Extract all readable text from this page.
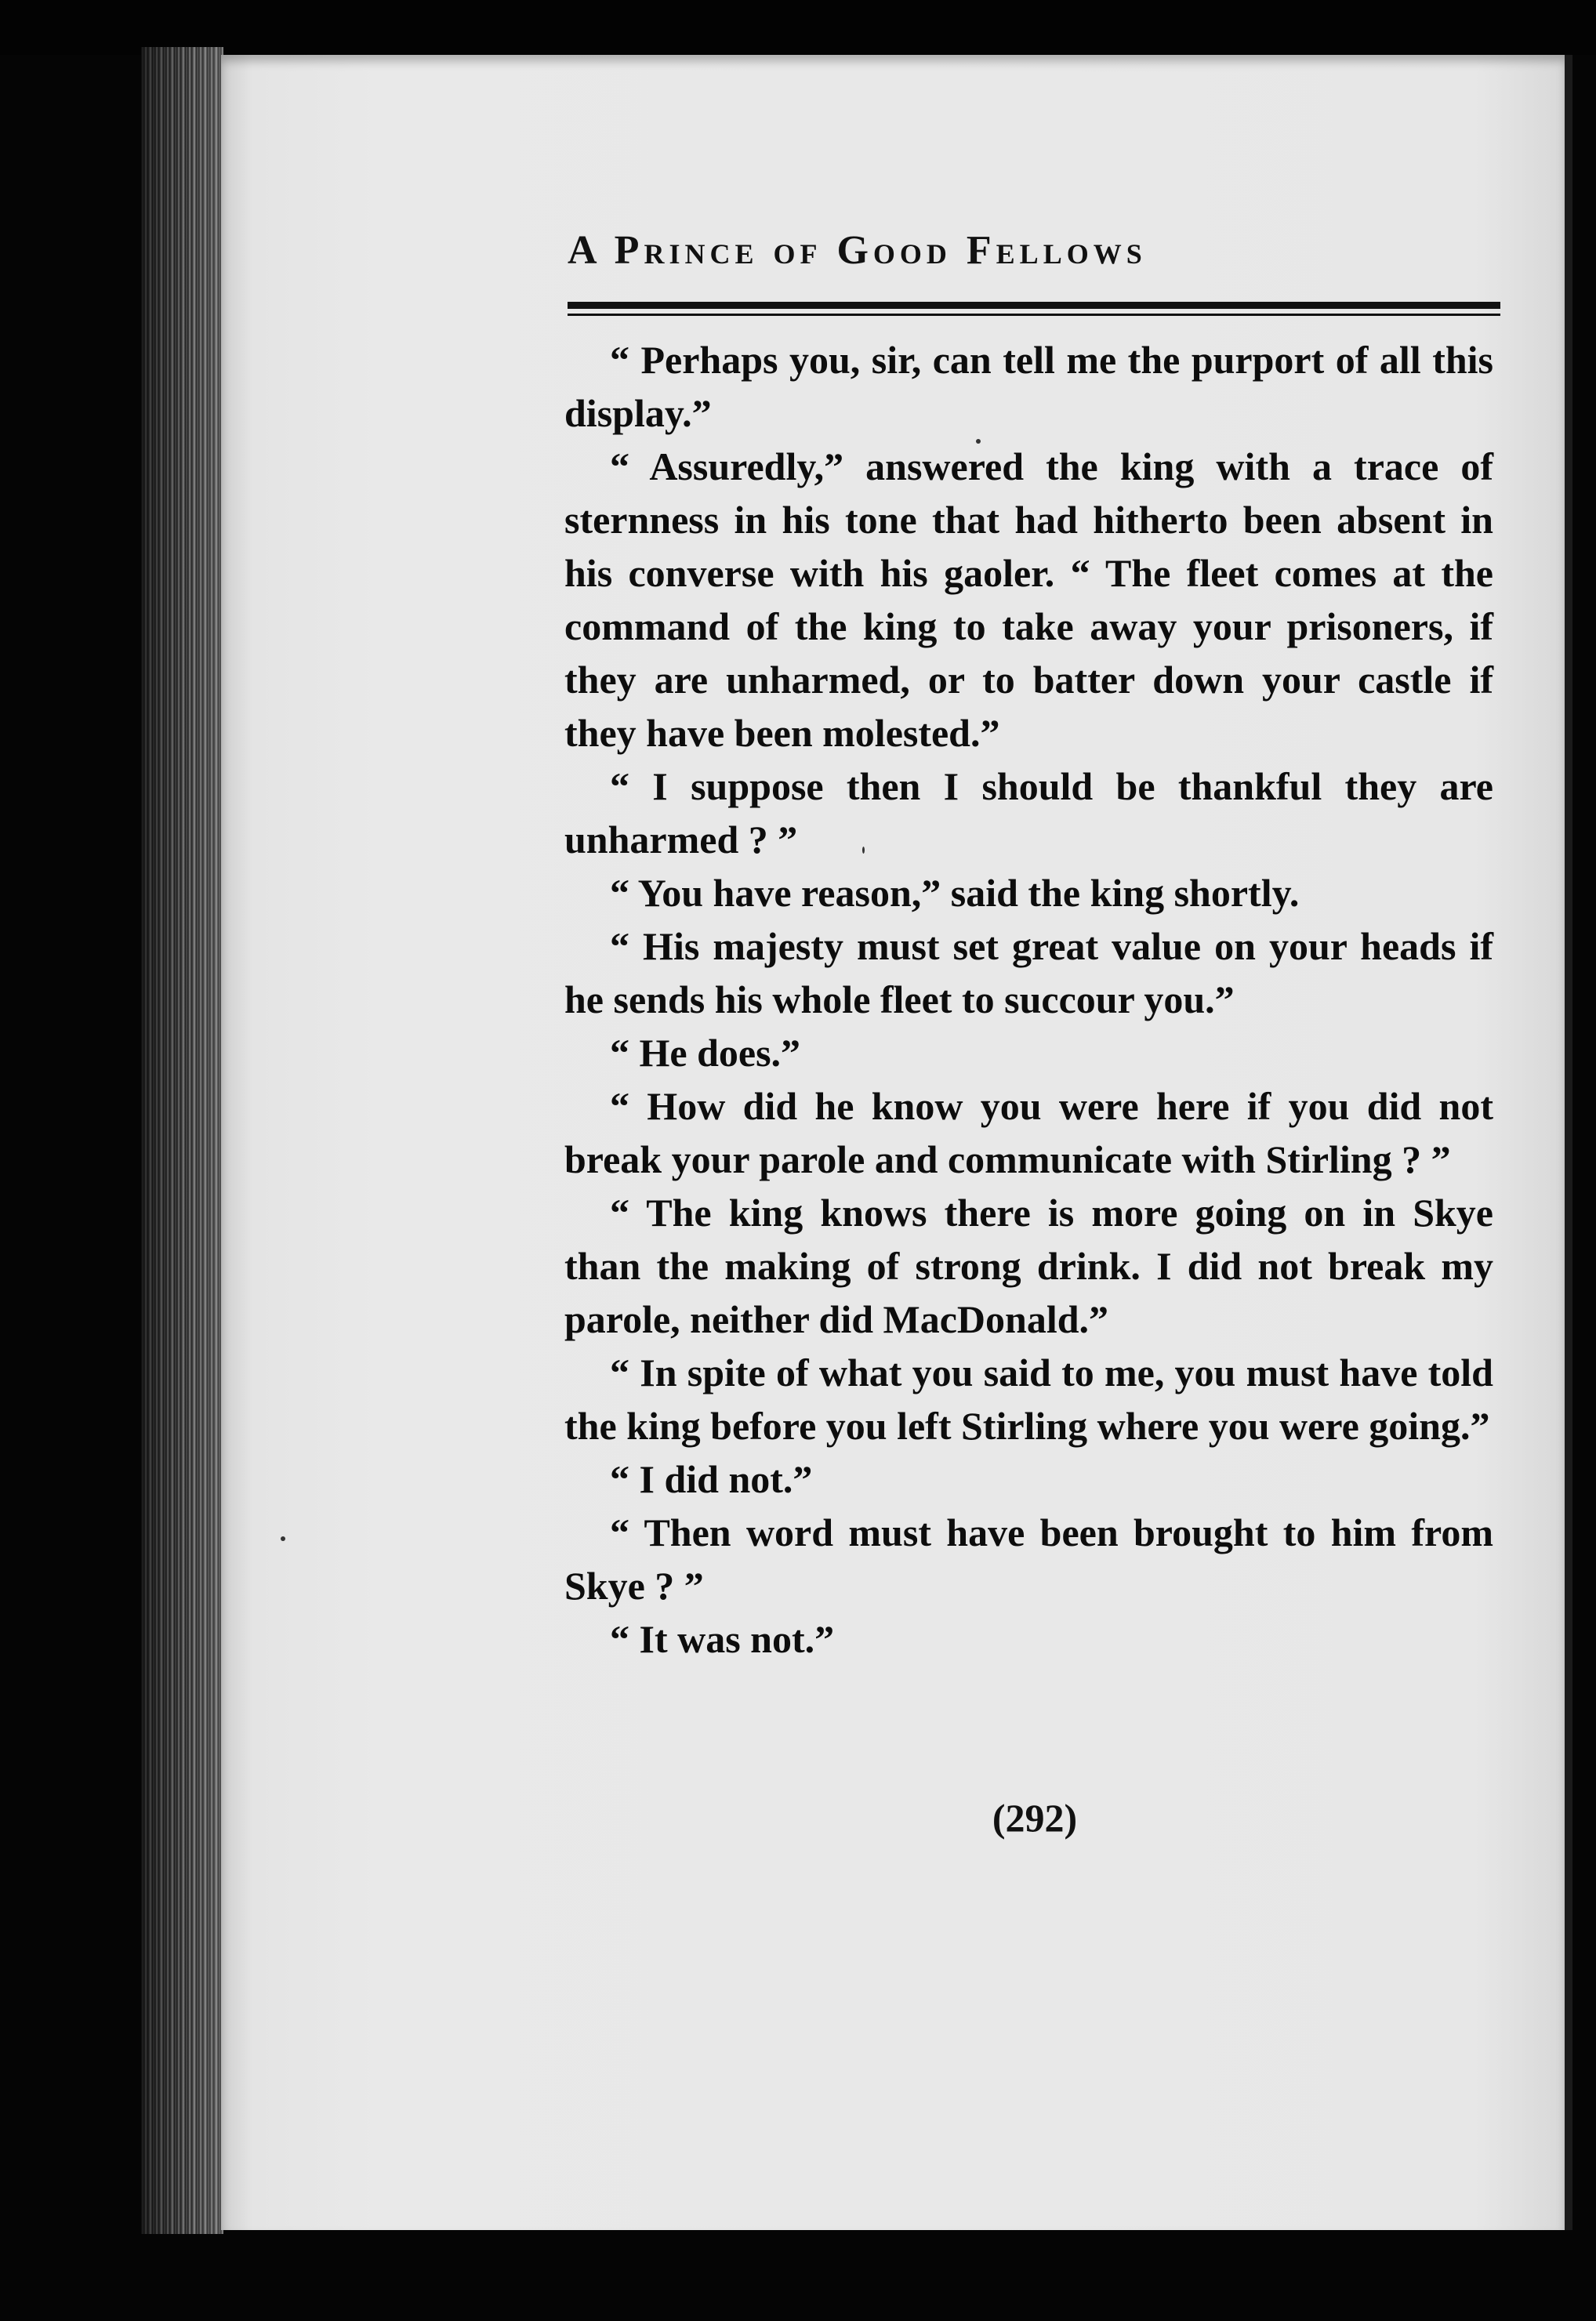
A Prince of Good Fellows

“ Perhaps you, sir, can tell me the purport of all this display.”

“ Assuredly,” answered the king with a trace of sternness in his tone that had hitherto been absent in his converse with his gaoler. “ The fleet comes at the command of the king to take away your prisoners, if they are unharmed, or to batter down your castle if they have been molested.”

“ I suppose then I should be thankful they are unharmed ? ”

“ You have reason,” said the king shortly.

“ His majesty must set great value on your heads if he sends his whole fleet to succour you.”

“ He does.”

“ How did he know you were here if you did not break your parole and communicate with Stirling ? ”

“ The king knows there is more going on in Skye than the making of strong drink. I did not break my parole, neither did MacDonald.”

“ In spite of what you said to me, you must have told the king before you left Stirling where you were going.”

“ I did not.”

“ Then word must have been brought to him from Skye ? ”

“ It was not.”

(292)
